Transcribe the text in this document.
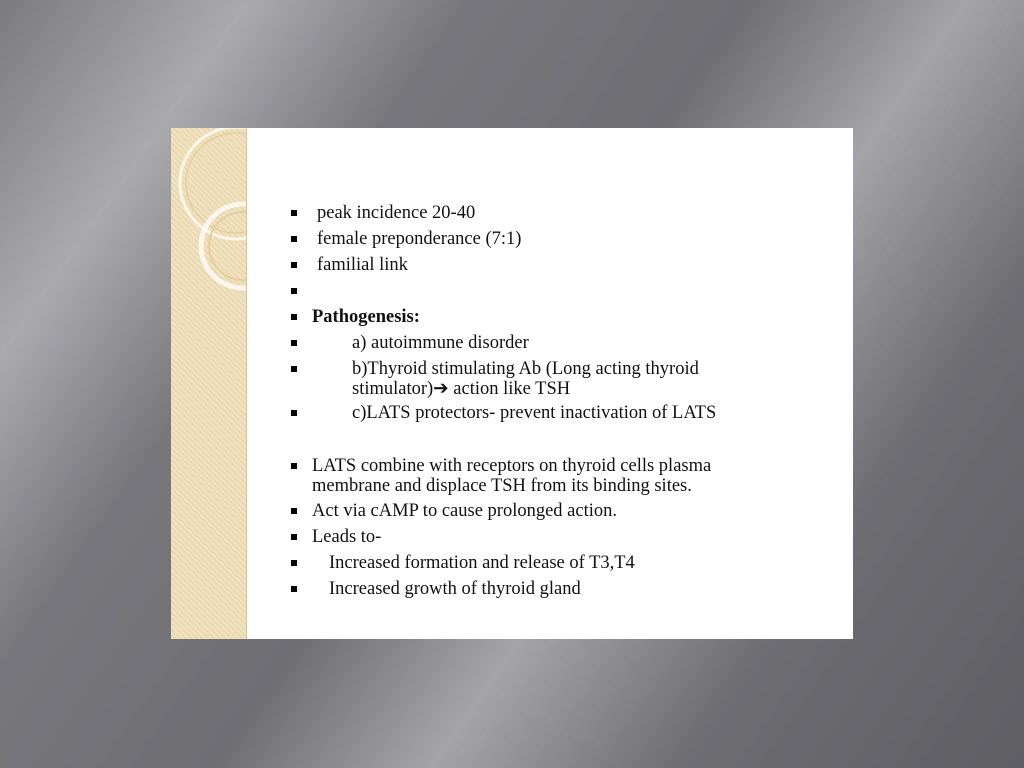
peak incidence 20-40
female preponderance (7:1)
familial link
Pathogenesis:
a) autoimmune disorder
b)Thyroid stimulating Ab (Long acting thyroid
stimulator)➔ action like TSH
c)LATS protectors- prevent inactivation of LATS
LATS combine with receptors on thyroid cells plasma
membrane and displace TSH from its binding sites.
Act via cAMP to cause prolonged action.
Leads to-
Increased formation and release of T3,T4
Increased growth of thyroid gland
